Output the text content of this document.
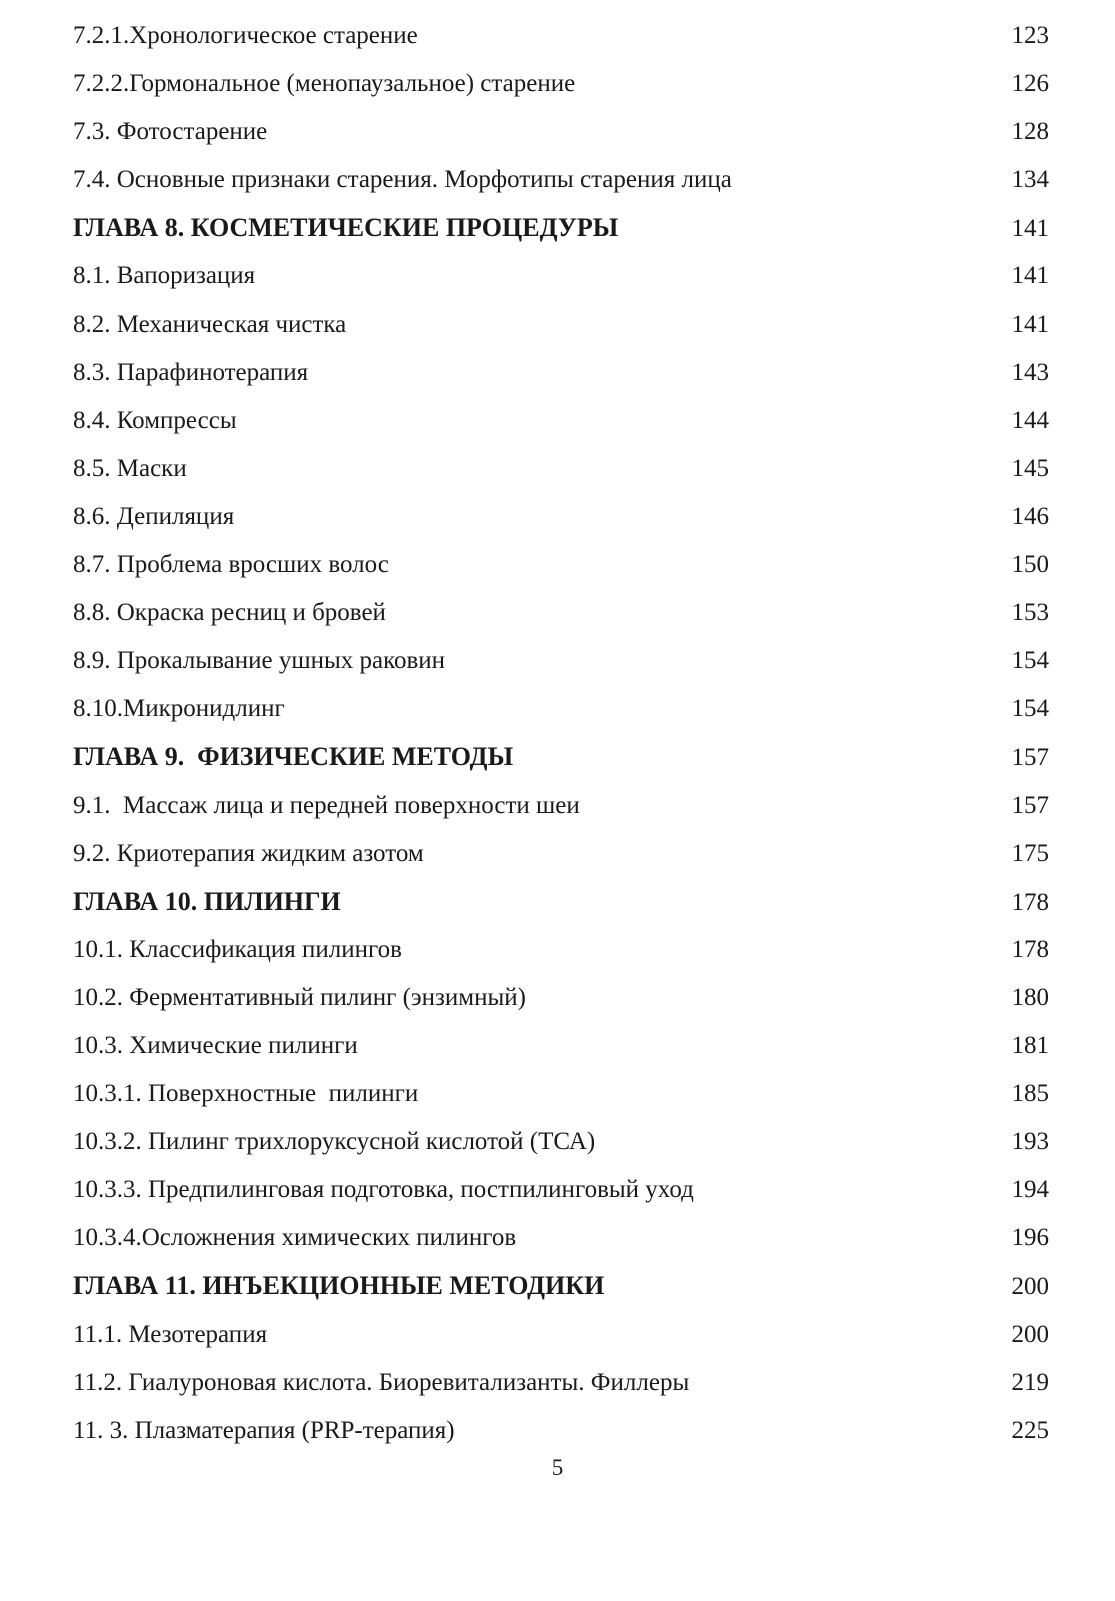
7.2.1.Хронологическое старение	123
7.2.2.Гормональное (менопаузальное) старение	126
7.3. Фотостарение	128
7.4. Основные признаки старения. Морфотипы старения лица	134
ГЛАВА 8. КОСМЕТИЧЕСКИЕ ПРОЦЕДУРЫ	141
8.1. Вапоризация	141
8.2. Механическая чистка	141
8.3. Парафинотерапия	143
8.4. Компрессы	144
8.5. Маски	145
8.6. Депиляция	146
8.7. Проблема вросших волос	150
8.8. Окраска ресниц и бровей	153
8.9. Прокалывание ушных раковин	154
8.10.Микронидлинг	154
ГЛАВА 9.  ФИЗИЧЕСКИЕ МЕТОДЫ	157
9.1.  Массаж лица и передней поверхности шеи	157
9.2. Криотерапия жидким азотом	175
ГЛАВА 10. ПИЛИНГИ	178
10.1. Классификация пилингов	178
10.2. Ферментативный пилинг (энзимный)	180
10.3. Химические пилинги	181
10.3.1. Поверхностные  пилинги	185
10.3.2. Пилинг трихлоруксусной кислотой (ТСА)	193
10.3.3. Предпилинговая подготовка, постпилинговый уход	194
10.3.4.Осложнения химических пилингов	196
ГЛАВА 11. ИНЪЕКЦИОННЫЕ МЕТОДИКИ	200
11.1. Мезотерапия	200
11.2. Гиалуроновая кислота. Биоревитализанты. Филлеры	219
11. 3. Плазматерапия (PRP-терапия)	225
5
